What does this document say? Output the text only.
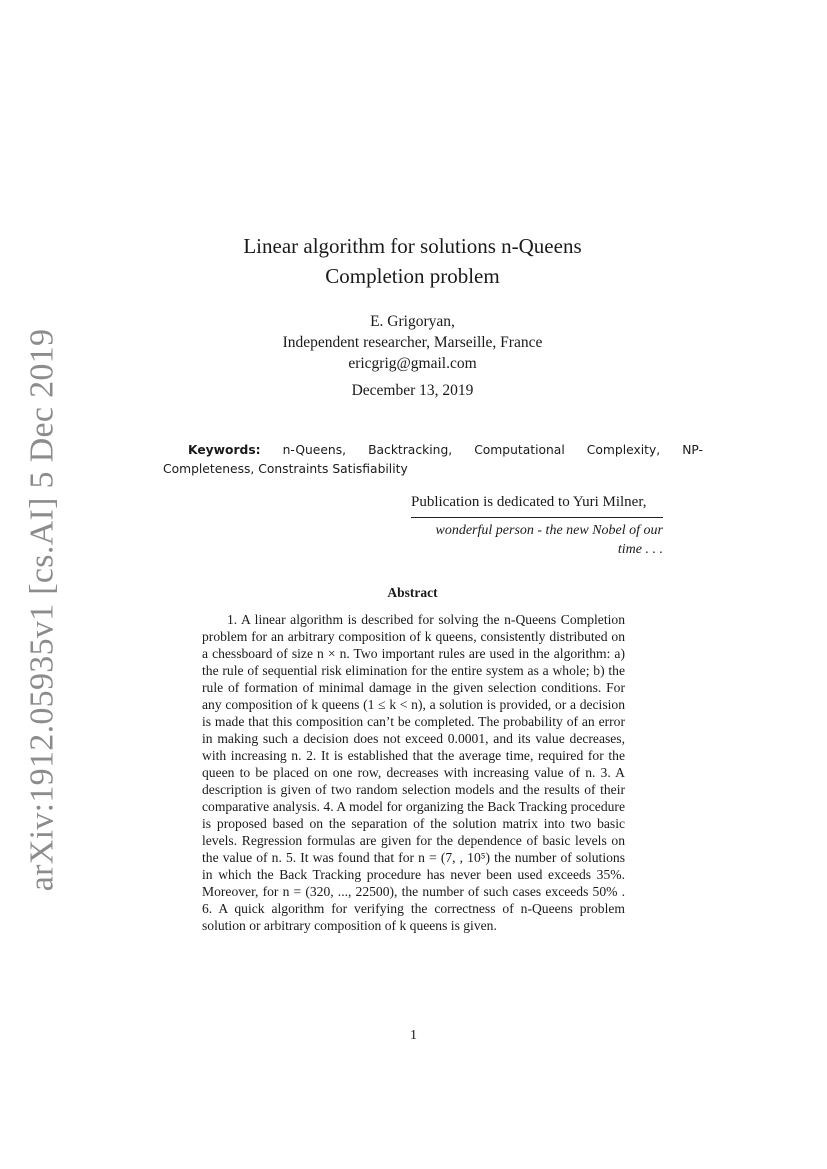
arXiv:1912.05935v1 [cs.AI] 5 Dec 2019
Linear algorithm for solutions n-Queens
Completion problem
E. Grigoryan,
Independent researcher, Marseille, France
ericgrig@gmail.com
December 13, 2019
Keywords: n-Queens, Backtracking, Computational Complexity, NP-Completeness, Constraints Satisfiability
Publication is dedicated to Yuri Milner,
wonderful person - the new Nobel of our time . . .
Abstract

1. A linear algorithm is described for solving the n-Queens Completion problem for an arbitrary composition of k queens, consistently distributed on a chessboard of size n × n. Two important rules are used in the algorithm: a) the rule of sequential risk elimination for the entire system as a whole; b) the rule of formation of minimal damage in the given selection conditions. For any composition of k queens (1 ≤ k < n), a solution is provided, or a decision is made that this composition can’t be completed. The probability of an error in making such a decision does not exceed 0.0001, and its value decreases, with increasing n. 2. It is established that the average time, required for the queen to be placed on one row, decreases with increasing value of n. 3. A description is given of two random selection models and the results of their comparative analysis. 4. A model for organizing the Back Tracking procedure is proposed based on the separation of the solution matrix into two basic levels. Regression formulas are given for the dependence of basic levels on the value of n. 5. It was found that for n = (7, , 10⁵) the number of solutions in which the Back Tracking procedure has never been used exceeds 35%. Moreover, for n = (320, ..., 22500), the number of such cases exceeds 50% . 6. A quick algorithm for verifying the correctness of n-Queens problem solution or arbitrary composition of k queens is given.

1
